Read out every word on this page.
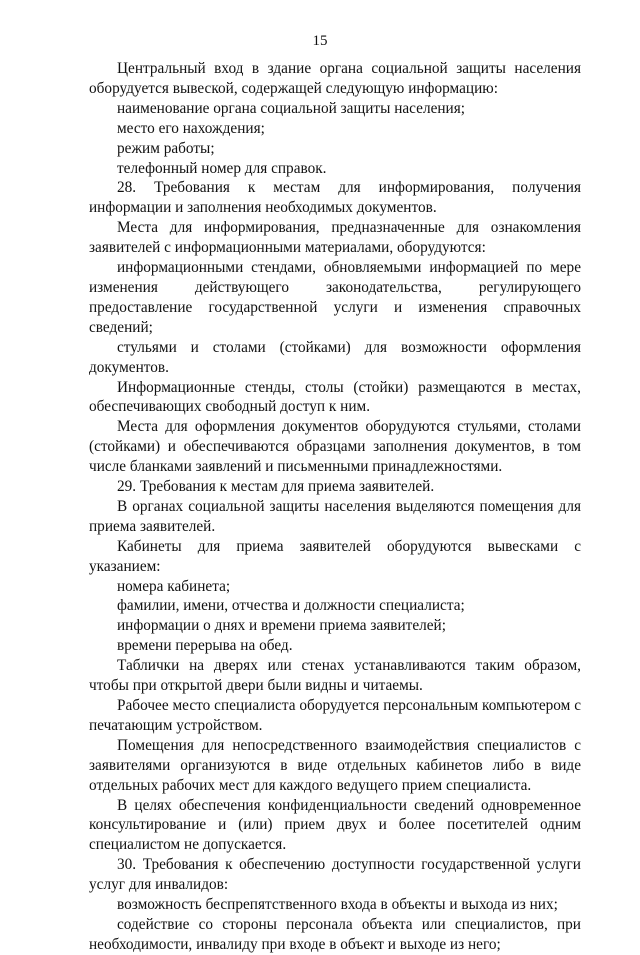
15

Центральный вход в здание органа социальной защиты населения оборудуется вывеской, содержащей следующую информацию:

наименование органа социальной защиты населения;

место его нахождения;

режим работы;

телефонный номер для справок.

28. Требования к местам для информирования, получения информации и заполнения необходимых документов.

Места для информирования, предназначенные для ознакомления заявителей с информационными материалами, оборудуются:

информационными стендами, обновляемыми информацией по мере изменения действующего законодательства, регулирующего предоставление государственной услуги и изменения справочных сведений;

стульями и столами (стойками) для возможности оформления документов.

Информационные стенды, столы (стойки) размещаются в местах, обеспечивающих свободный доступ к ним.

Места для оформления документов оборудуются стульями, столами (стойками) и обеспечиваются образцами заполнения документов, в том числе бланками заявлений и письменными принадлежностями.

29. Требования к местам для приема заявителей.

В органах социальной защиты населения выделяются помещения для приема заявителей.

Кабинеты для приема заявителей оборудуются вывесками с указанием:

номера кабинета;

фамилии, имени, отчества и должности специалиста;

информации о днях и времени приема заявителей;

времени перерыва на обед.

Таблички на дверях или стенах устанавливаются таким образом, чтобы при открытой двери были видны и читаемы.

Рабочее место специалиста оборудуется персональным компьютером с печатающим устройством.

Помещения для непосредственного взаимодействия специалистов с заявителями организуются в виде отдельных кабинетов либо в виде отдельных рабочих мест для каждого ведущего прием специалиста.

В целях обеспечения конфиденциальности сведений одновременное консультирование и (или) прием двух и более посетителей одним специалистом не допускается.

30. Требования к обеспечению доступности государственной услуги услуг для инвалидов:

возможность беспрепятственного входа в объекты и выхода из них;

содействие со стороны персонала объекта или специалистов, при необходимости, инвалиду при входе в объект и выходе из него;
